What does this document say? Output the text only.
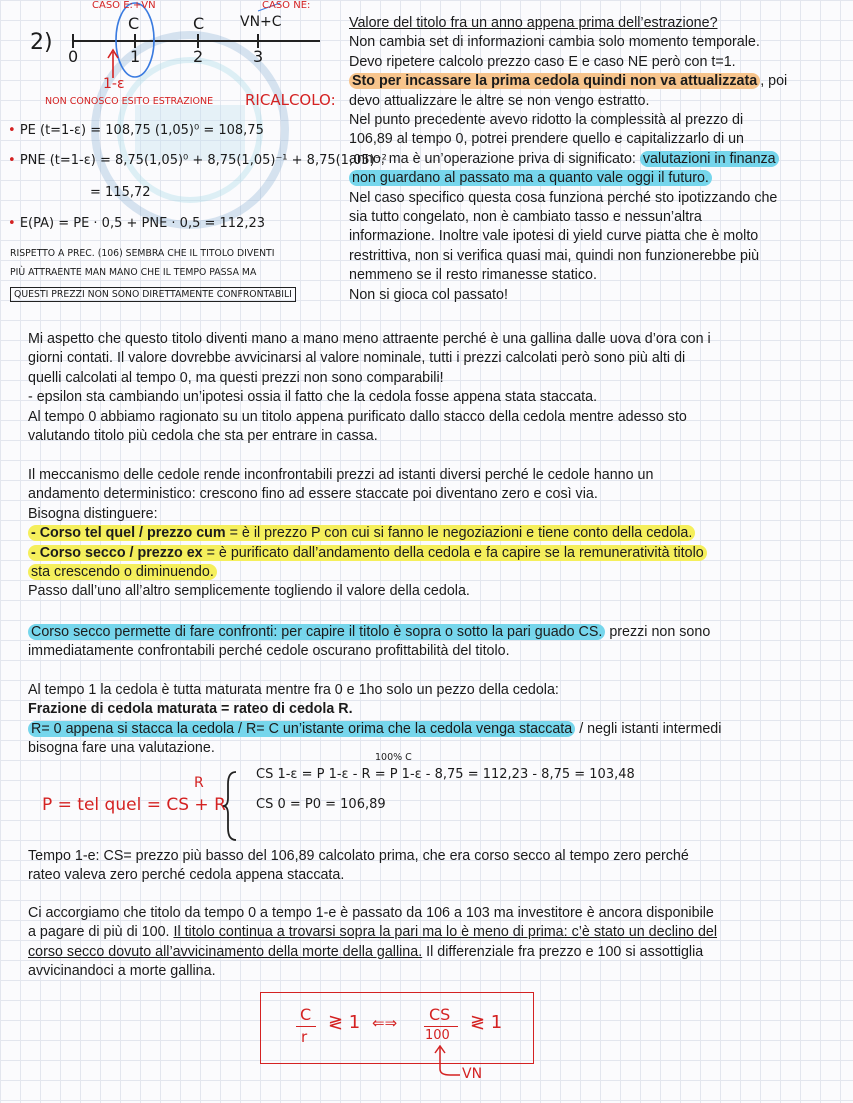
2)
CASO E:+VN	CASO NE:
C	C	VN+C
0	1	2	3
1-ε
NON CONOSCO ESITO ESTRAZIONE RICALCOLO:
• PE (t=1-ε) = 108,75 (1,05)⁰ = 108,75
• PNE (t=1-ε) = 8,75(1,05)⁰ + 8,75(1,05)⁻¹ + 8,75(1,05)⁻²
= 115,72
• E(PA) = PE · 0,5 + PNE · 0,5 = 112,23
RISPETTO A PREC. (106) SEMBRA CHE IL TITOLO DIVENTI
PIÙ ATTRAENTE MAN MANO CHE IL TEMPO PASSA MA
QUESTI PREZZI NON SONO DIRETTAMENTE CONFRONTABILI
Valore del titolo fra un anno appena prima dell’estrazione?
Non cambia set di informazioni cambia solo momento temporale.
Devo ripetere calcolo prezzo caso E e caso NE però con t=1.
Sto per incassare la prima cedola quindi non va attualizzata , poi
devo attualizzare le altre se non vengo estratto.
Nel punto precedente avevo ridotto la complessità al prezzo di
106,89 al tempo 0, potrei prendere quello e capitalizzarlo di un
anno, ma è un’operazione priva di significato: valutazioni in finanza
non guardano al passato ma a quanto vale oggi il futuro.
Nel caso specifico questa cosa funziona perché sto ipotizzando che
sia tutto congelato, non è cambiato tasso e nessun’altra
informazione. Inoltre vale ipotesi di yield curve piatta che è molto
restrittiva, non si verifica quasi mai, quindi non funzionerebbe più
nemmeno se il resto rimanesse statico.
Non si gioca col passato!
Mi aspetto che questo titolo diventi mano a mano meno attraente perché è una gallina dalle uova d’ora con i
giorni contati. Il valore dovrebbe avvicinarsi al valore nominale, tutti i prezzi calcolati però sono più alti di
quelli calcolati al tempo 0, ma questi prezzi non sono comparabili!
- epsilon sta cambiando un’ipotesi ossia il fatto che la cedola fosse appena stata staccata.
Al tempo 0 abbiamo ragionato su un titolo appena purificato dallo stacco della cedola mentre adesso sto
valutando titolo più cedola che sta per entrare in cassa.
Il meccanismo delle cedole rende inconfrontabili prezzi ad istanti diversi perché le cedole hanno un
andamento deterministico: crescono fino ad essere staccate poi diventano zero e così via.
Bisogna distinguere:
- Corso tel quel / prezzo cum = è il prezzo P con cui si fanno le negoziazioni e tiene conto della cedola.
- Corso secco / prezzo ex = è purificato dall’andamento della cedola e fa capire se la remuneratività titolo
sta crescendo o diminuendo.
Passo dall’uno all’altro semplicemente togliendo il valore della cedola.
Corso secco permette di fare confronti: per capire il titolo è sopra o sotto la pari guado CS. prezzi non sono
immediatamente confrontabili perché cedole oscurano profittabilità del titolo.
Al tempo 1 la cedola è tutta maturata mentre fra 0 e 1ho solo un pezzo della cedola:
Frazione di cedola maturata = rateo di cedola R.
R= 0 appena si stacca la cedola / R= C un’istante orima che la cedola venga staccata / negli istanti intermedi
bisogna fare una valutazione.
P = tel quel = CS + R
R
100% C
CS 1-ε = P 1-ε - R = P 1-ε - 8,75 = 112,23 - 8,75 = 103,48
CS 0 = P0 = 106,89
Tempo 1-e: CS= prezzo più basso del 106,89 calcolato prima, che era corso secco al tempo zero perché
rateo valeva zero perché cedola appena staccata.
Ci accorgiamo che titolo da tempo 0 a tempo 1-e è passato da 106 a 103 ma investitore è ancora disponibile
a pagare di più di 100. Il titolo continua a trovarsi sopra la pari ma lo è meno di prima: c’è stato un declino del
corso secco dovuto all’avvicinamento della morte della gallina. Il differenziale fra prezzo e 100 si assottiglia
avvicinandoci a morte gallina.
C
r
≷ 1 ⇐⇒ CS
100
≷ 1
VN
